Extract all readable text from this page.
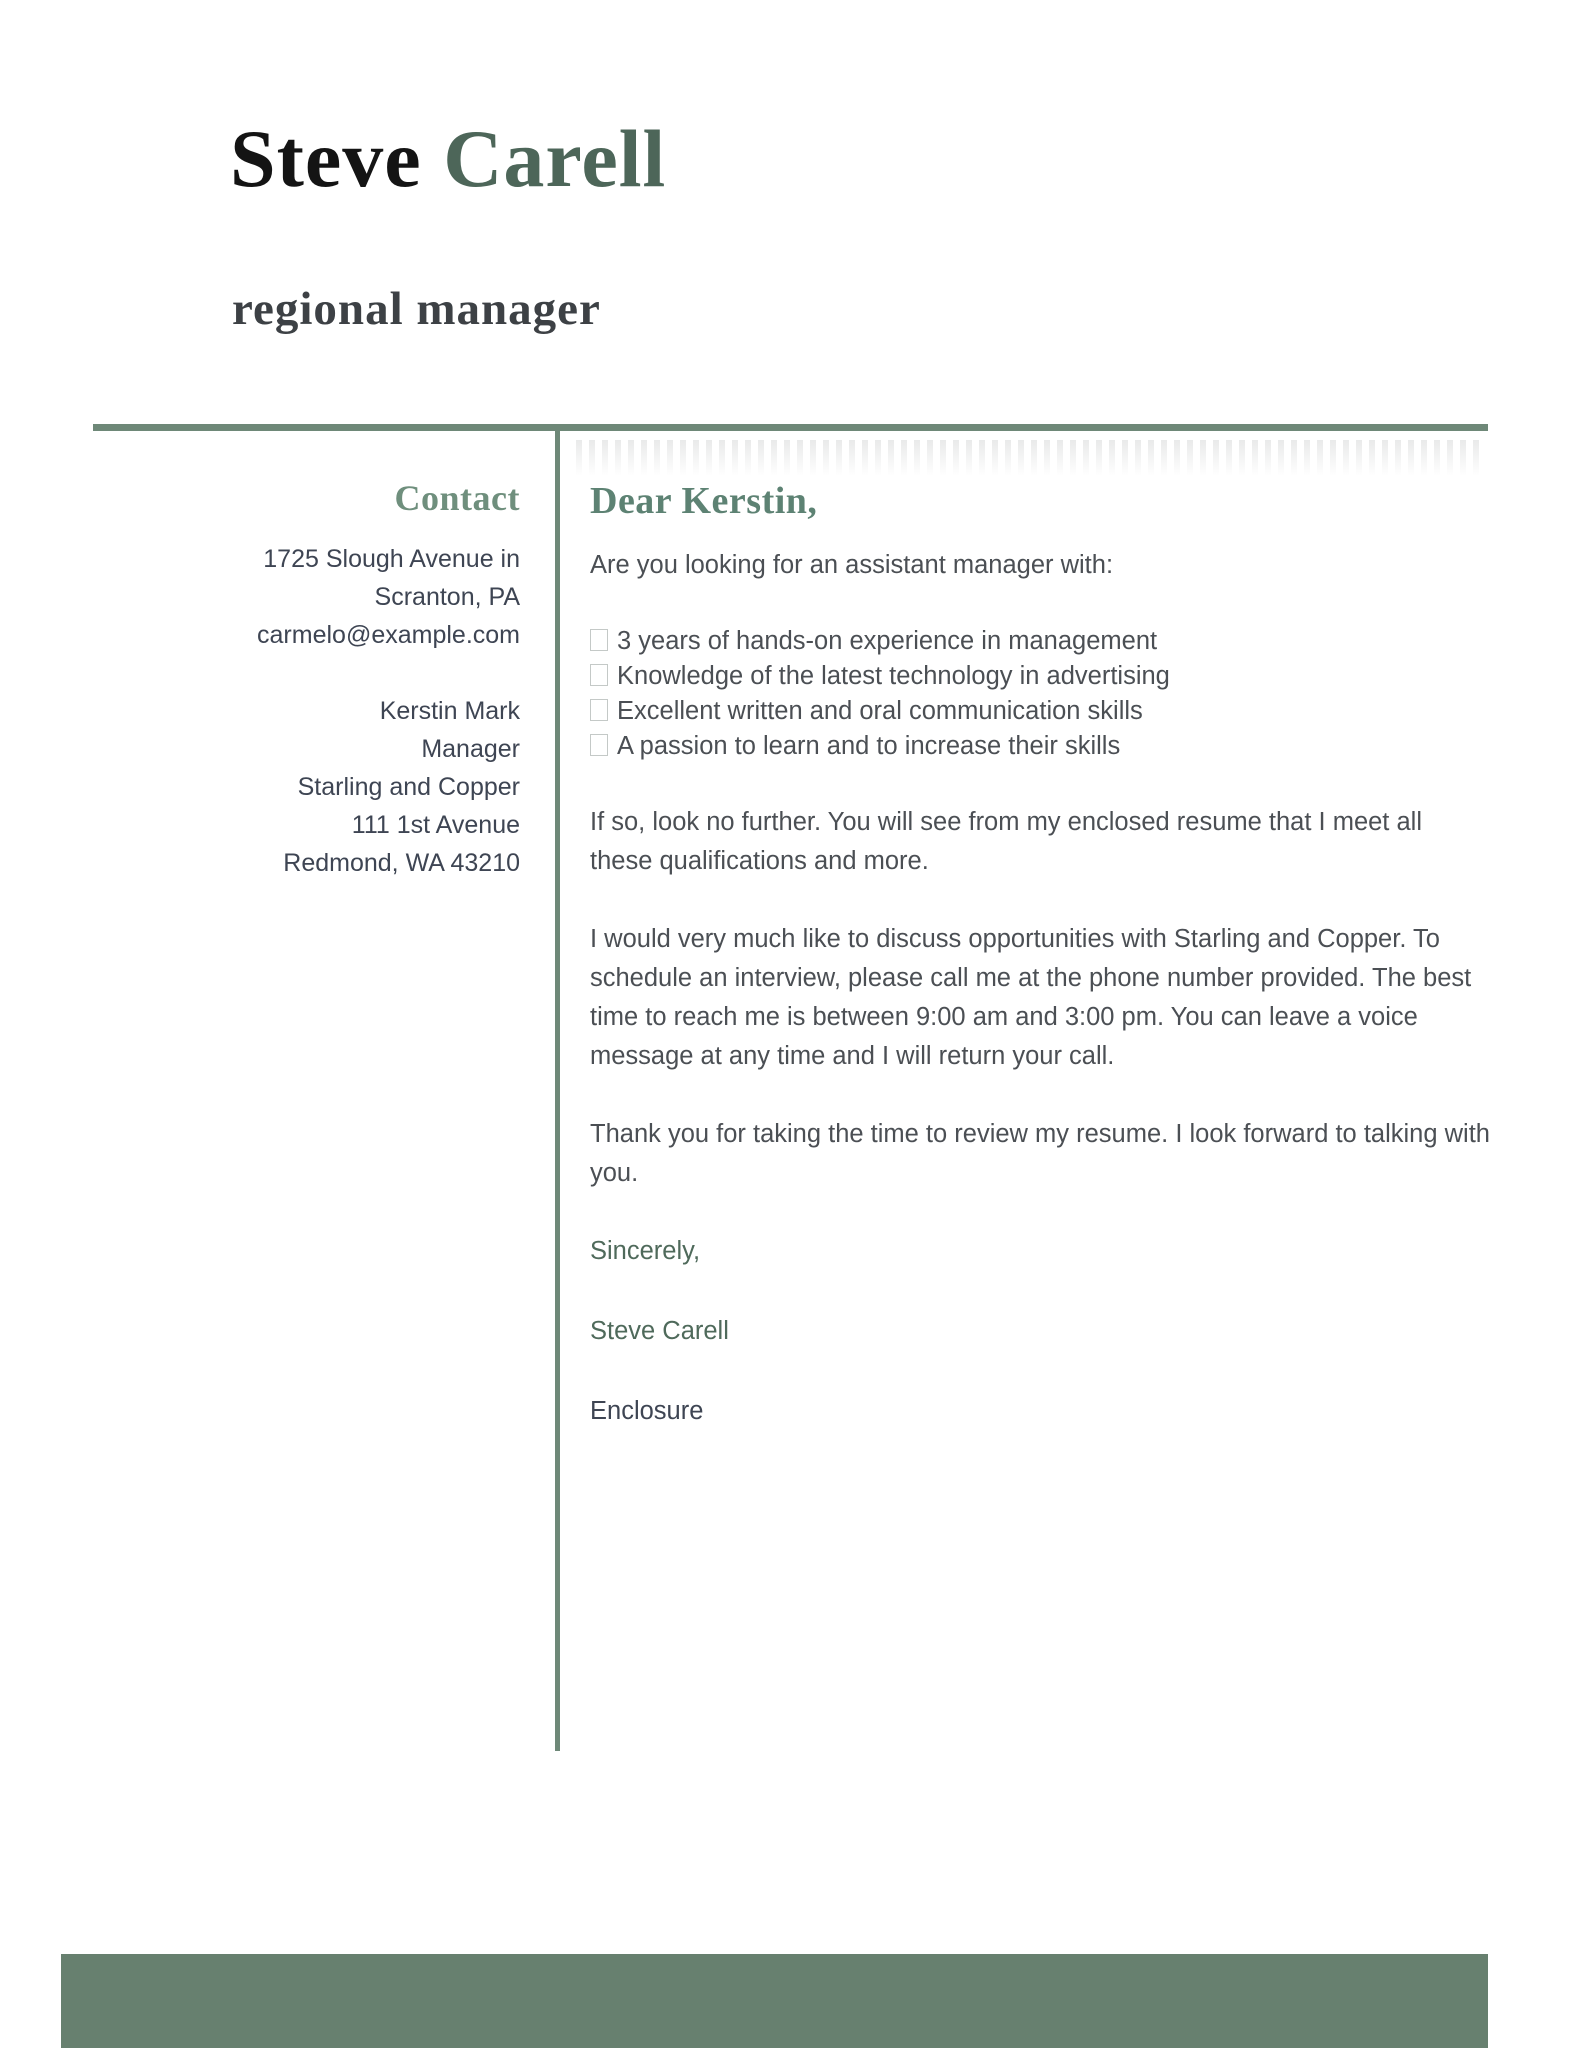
Steve Carell
regional manager
Contact
1725 Slough Avenue in
Scranton, PA
carmelo@example.com
Kerstin Mark
Manager
Starling and Copper
111 1st Avenue
Redmond, WA 43210
Dear Kerstin,

Are you looking for an assistant manager with:

3 years of hands-on experience in management
Knowledge of the latest technology in advertising
Excellent written and oral communication skills
A passion to learn and to increase their skills

If so, look no further. You will see from my enclosed resume that I meet all these qualifications and more.

I would very much like to discuss opportunities with Starling and Copper. To schedule an interview, please call me at the phone number provided. The best time to reach me is between 9:00 am and 3:00 pm. You can leave a voice message at any time and I will return your call.

Thank you for taking the time to review my resume. I look forward to talking with you.

Sincerely,

Steve Carell

Enclosure
